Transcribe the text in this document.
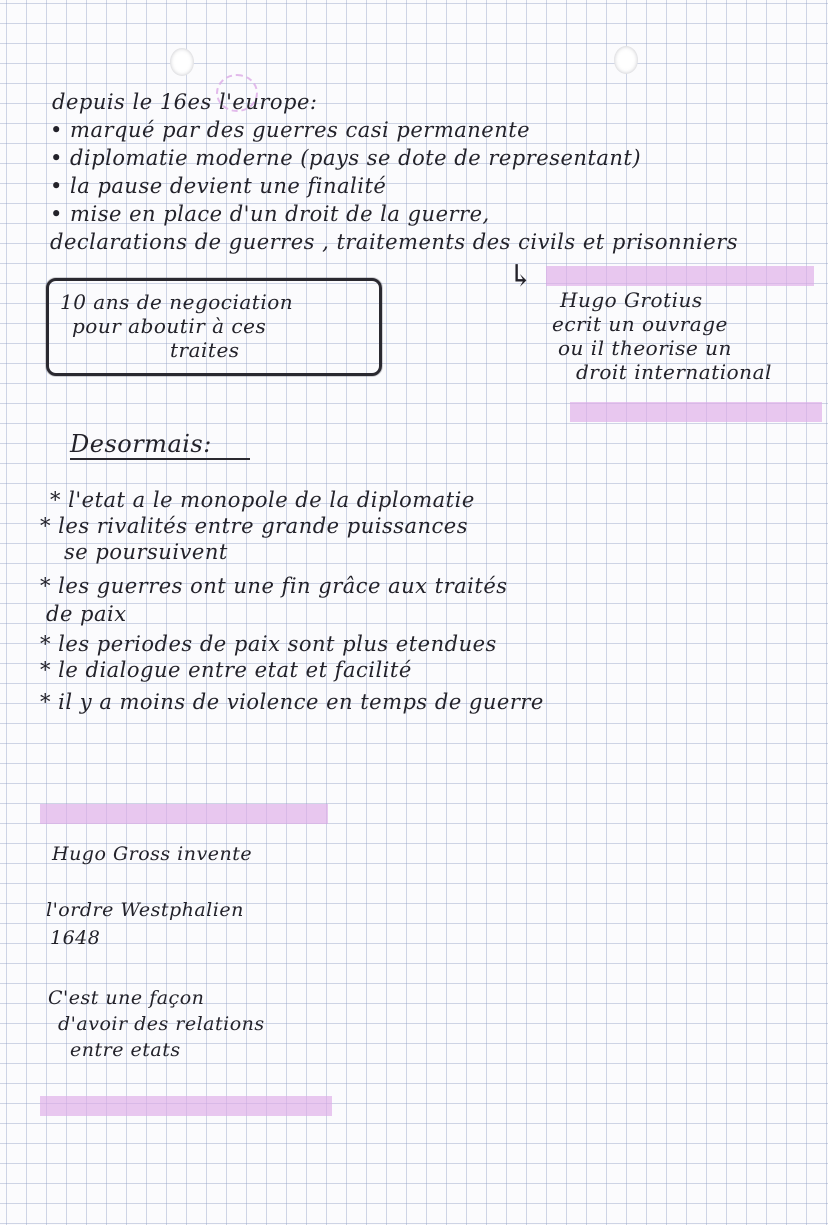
depuis le 16es l'europe:
• marqué par des guerres casi permanente
• diplomatie moderne (pays se dote de representant)
• la pause devient une finalité
• mise en place d'un droit de la guerre,
declarations de guerres , traitements des civils et prisonniers
10 ans de negociation
pour aboutir à ces
traites
↳
Hugo Grotius
ecrit un ouvrage
ou il theorise un
droit international
Desormais:
* l'etat a le monopole de la diplomatie
* les rivalités entre grande puissances
se poursuivent
* les guerres ont une fin grâce aux traités
de paix
* les periodes de paix sont plus etendues
* le dialogue entre etat et facilité
* il y a moins de violence en temps de guerre
Hugo Gross invente
l'ordre Westphalien
1648
C'est une façon
d'avoir des relations
entre etats
